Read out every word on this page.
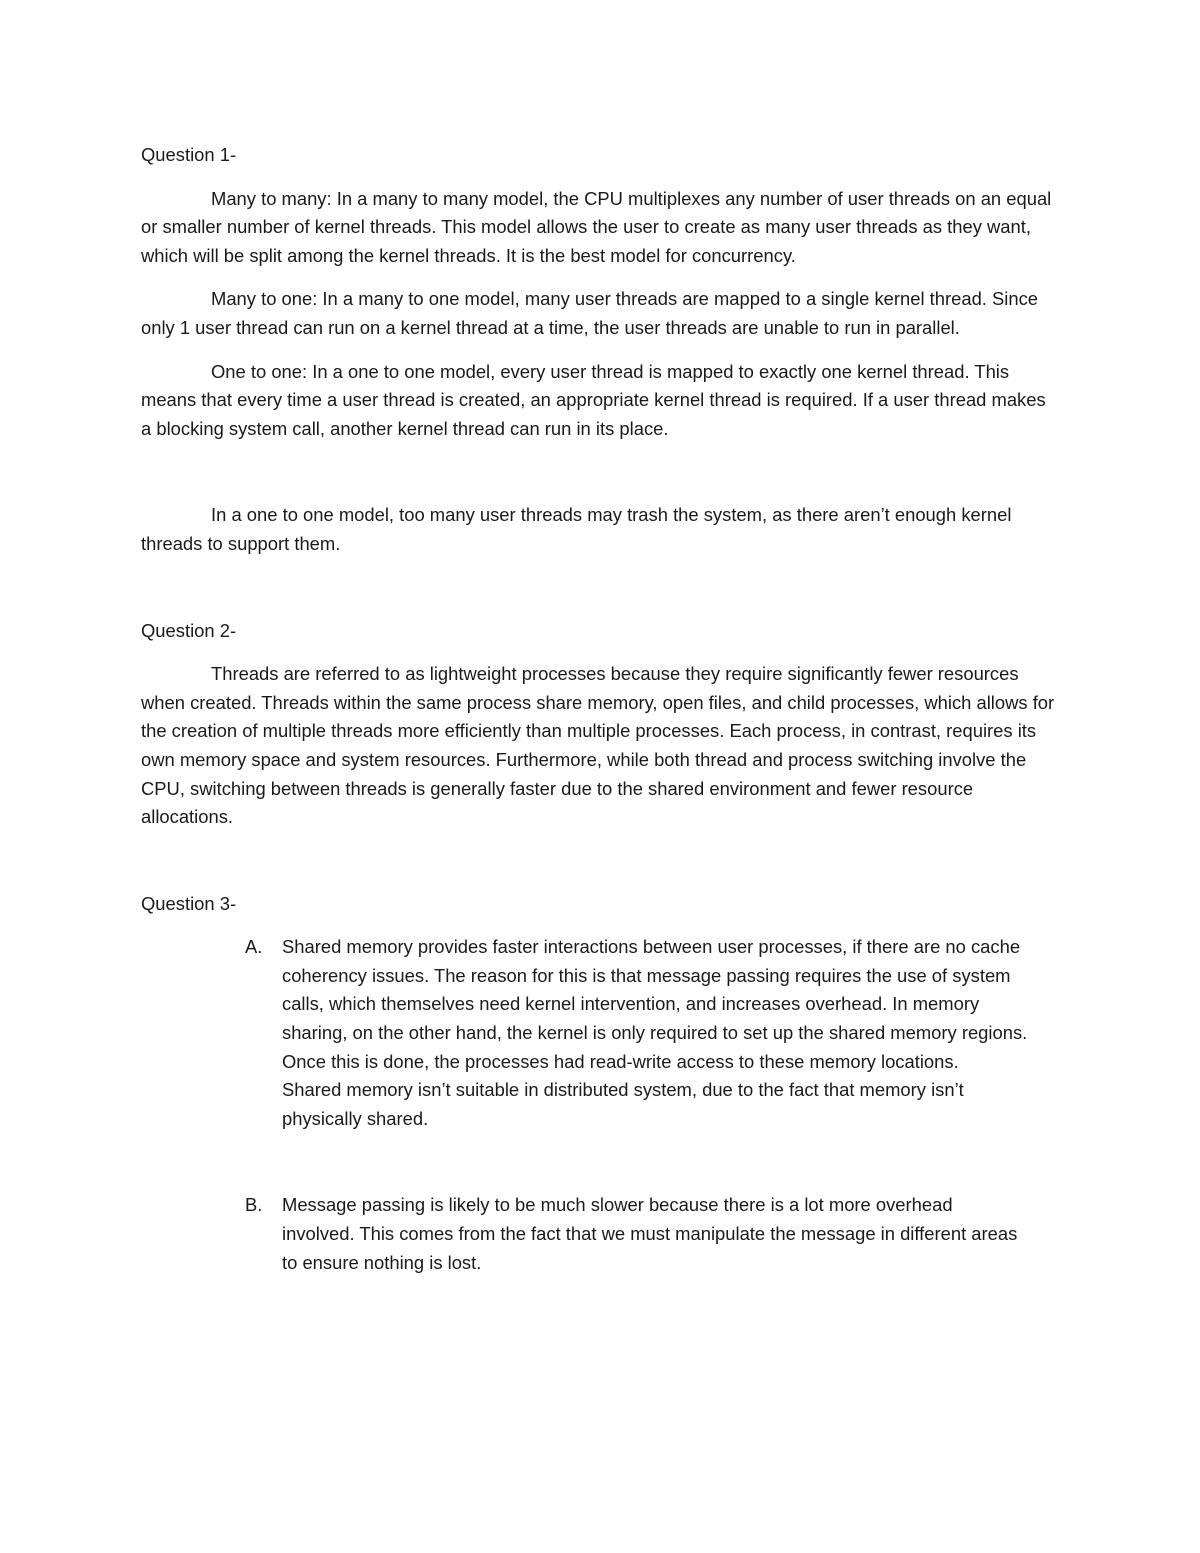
Question 1-

Many to many: In a many to many model, the CPU multiplexes any number of user threads on an equal or smaller number of kernel threads. This model allows the user to create as many user threads as they want, which will be split among the kernel threads. It is the best model for concurrency.

Many to one: In a many to one model, many user threads are mapped to a single kernel thread. Since only 1 user thread can run on a kernel thread at a time, the user threads are unable to run in parallel.

One to one: In a one to one model, every user thread is mapped to exactly one kernel thread. This means that every time a user thread is created, an appropriate kernel thread is required. If a user thread makes a blocking system call, another kernel thread can run in its place.

In a one to one model, too many user threads may trash the system, as there aren’t enough kernel threads to support them.

Question 2-

Threads are referred to as lightweight processes because they require significantly fewer resources when created. Threads within the same process share memory, open files, and child processes, which allows for the creation of multiple threads more efficiently than multiple processes. Each process, in contrast, requires its own memory space and system resources. Furthermore, while both thread and process switching involve the CPU, switching between threads is generally faster due to the shared environment and fewer resource allocations.

Question 3-

A. Shared memory provides faster interactions between user processes, if there are no cache coherency issues. The reason for this is that message passing requires the use of system calls, which themselves need kernel intervention, and increases overhead. In memory sharing, on the other hand, the kernel is only required to set up the shared memory regions. Once this is done, the processes had read-write access to these memory locations.

Shared memory isn’t suitable in distributed system, due to the fact that memory isn’t physically shared.

B. Message passing is likely to be much slower because there is a lot more overhead involved. This comes from the fact that we must manipulate the message in different areas to ensure nothing is lost.
